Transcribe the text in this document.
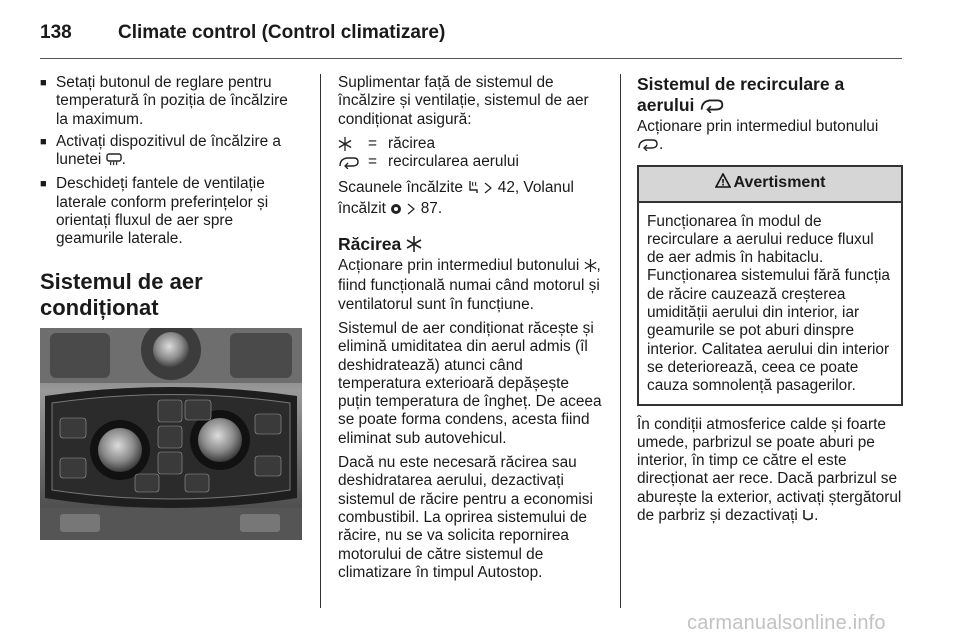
138 Climate control (Control climatizare)
■ Setați butonul de reglare pentru temperatură în poziția de încălzire la maximum.
■ Activați dispozitivul de încălzire a lunetei .
■ Deschideți fantele de ventilație laterale conform preferințelor și orientați fluxul de aer spre geamurile laterale.
Sistemul de aer condiționat

Suplimentar față de sistemul de încălzire și ventilație, sistemul de aer condiționat asigură:

= răcirea
= recircularea aerului

Scaunele încălzite 42, Volanul încălzit 87.

Răcirea

Acționare prin intermediul butonului , fiind funcțională numai când motorul și ventilatorul sunt în funcțiune.

Sistemul de aer condiționat răcește și elimină umiditatea din aerul admis (îl deshidratează) atunci când temperatura exterioară depășește puțin temperatura de îngheț. De aceea se poate forma condens, acesta fiind eliminat sub autovehicul.

Dacă nu este necesară răcirea sau deshidratarea aerului, dezactivați sistemul de răcire pentru a economisi combustibil. La oprirea sistemului de răcire, nu se va solicita repornirea motorului de către sistemul de climatizare în timpul Autostop.

Sistemul de recirculare a aerului

Acționare prin intermediul butonului .

! Avertisment
Funcționarea în modul de recirculare a aerului reduce fluxul de aer admis în habitaclu. Funcționarea sistemului fără funcția de răcire cauzează creșterea umidității aerului din interior, iar geamurile se pot aburi dinspre interior. Calitatea aerului din interior se deteriorează, ceea ce poate cauza somnolență pasagerilor.

În condiții atmosferice calde și foarte umede, parbrizul se poate aburi pe interior, în timp ce către el este direcționat aer rece. Dacă parbrizul se aburește la exterior, activați ștergătorul de parbriz și dezactivați .

carmanualsonline.info
